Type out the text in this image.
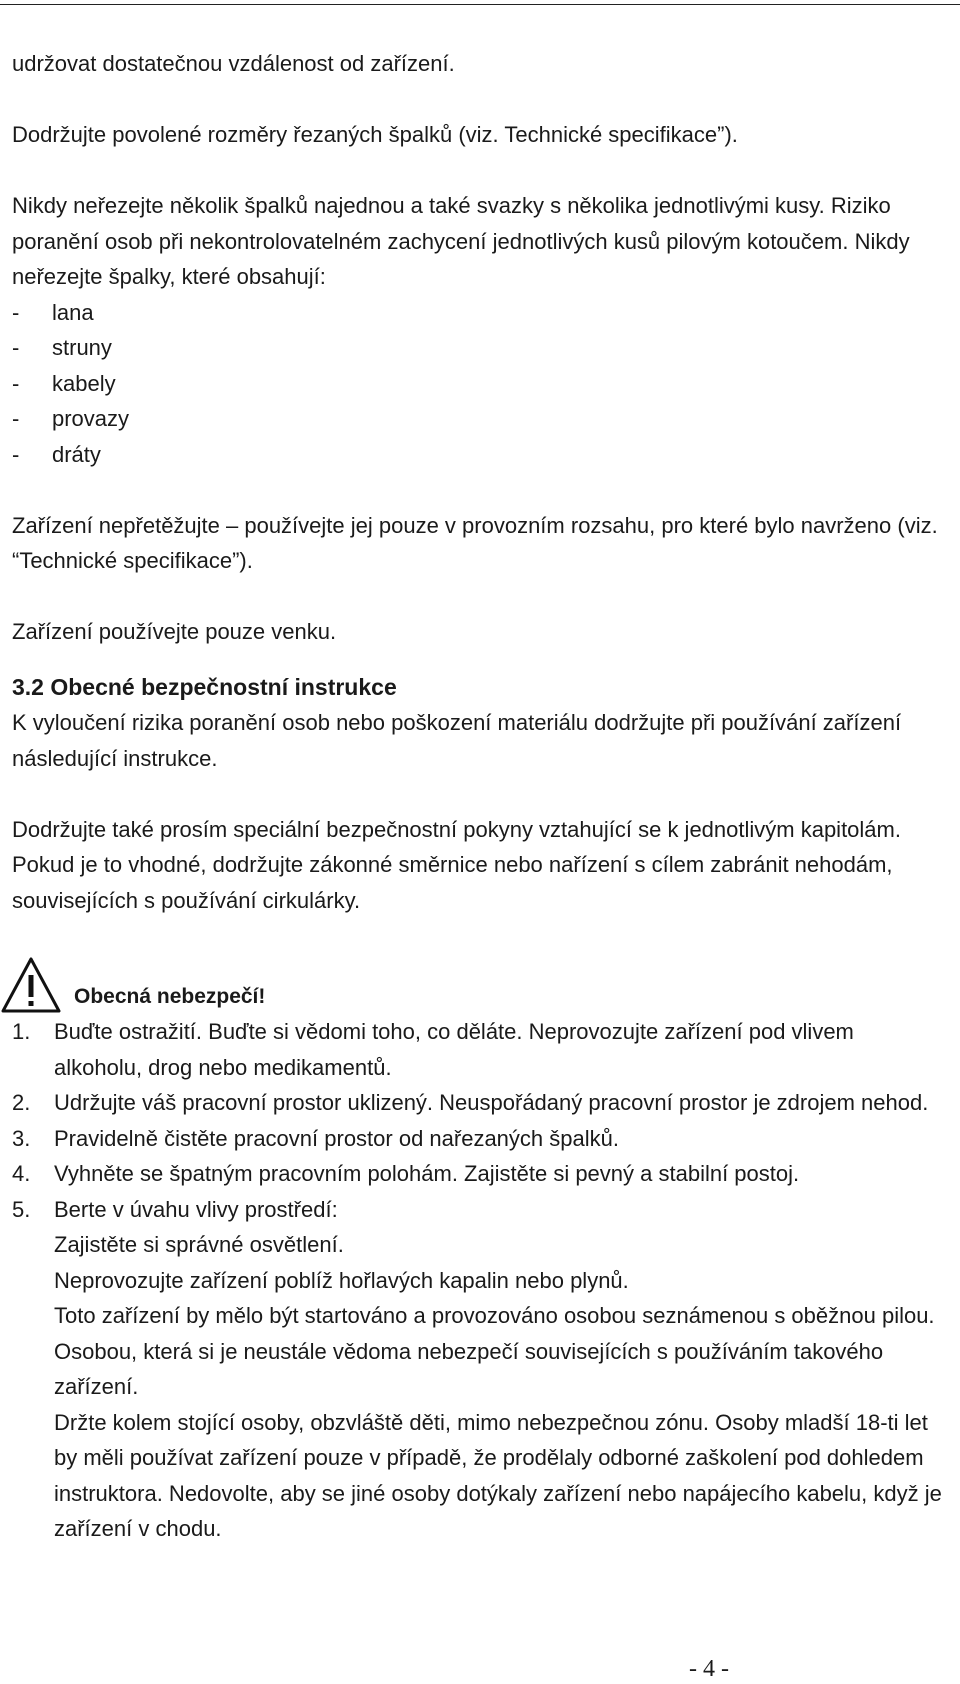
udržovat dostatečnou vzdálenost od zařízení.

Dodržujte povolené rozměry řezaných špalků (viz. Technické specifikace”).

Nikdy neřezejte několik špalků najednou a také svazky s několika jednotlivými kusy. Riziko poranění osob při nekontrolovatelném zachycení jednotlivých kusů pilovým kotoučem. Nikdy neřezejte špalky, které obsahují:

- lana
- struny
- kabely
- provazy
- dráty

Zařízení nepřetěžujte – používejte jej pouze v provozním rozsahu, pro které bylo navrženo (viz. “Technické specifikace”).

Zařízení používejte pouze venku.

3.2 Obecné bezpečnostní instrukce

K vyloučení rizika poranění osob nebo poškození materiálu dodržujte při používání zařízení následující instrukce.

Dodržujte také prosím speciální bezpečnostní pokyny vztahující se k jednotlivým kapitolám. Pokud je to vhodné, dodržujte zákonné směrnice nebo nařízení s cílem zabránit nehodám, souvisejících s používání cirkulárky.

Obecná nebezpečí!
1. Buďte ostražití. Buďte si vědomi toho, co děláte. Neprovozujte zařízení pod vlivem alkoholu, drog nebo medikamentů.
2. Udržujte váš pracovní prostor uklizený. Neuspořádaný pracovní prostor je zdrojem nehod.
3. Pravidelně čistěte pracovní prostor od nařezaných špalků.
4. Vyhněte se špatným pracovním polohám. Zajistěte si pevný a stabilní postoj.
5. Berte v úvahu vlivy prostředí:
Zajistěte si správné osvětlení.
Neprovozujte zařízení poblíž hořlavých kapalin nebo plynů.
Toto zařízení by mělo být startováno a provozováno osobou seznámenou s oběžnou pilou. Osobou, která si je neustále vědoma nebezpečí souvisejících s používáním takového zařízení.
Držte kolem stojící osoby, obzvláště děti, mimo nebezpečnou zónu. Osoby mladší 18-ti let by měli používat zařízení pouze v případě, že prodělaly odborné zaškolení pod dohledem instruktora. Nedovolte, aby se jiné osoby dotýkaly zařízení nebo napájecího kabelu, když je zařízení v chodu.
- 4 -
